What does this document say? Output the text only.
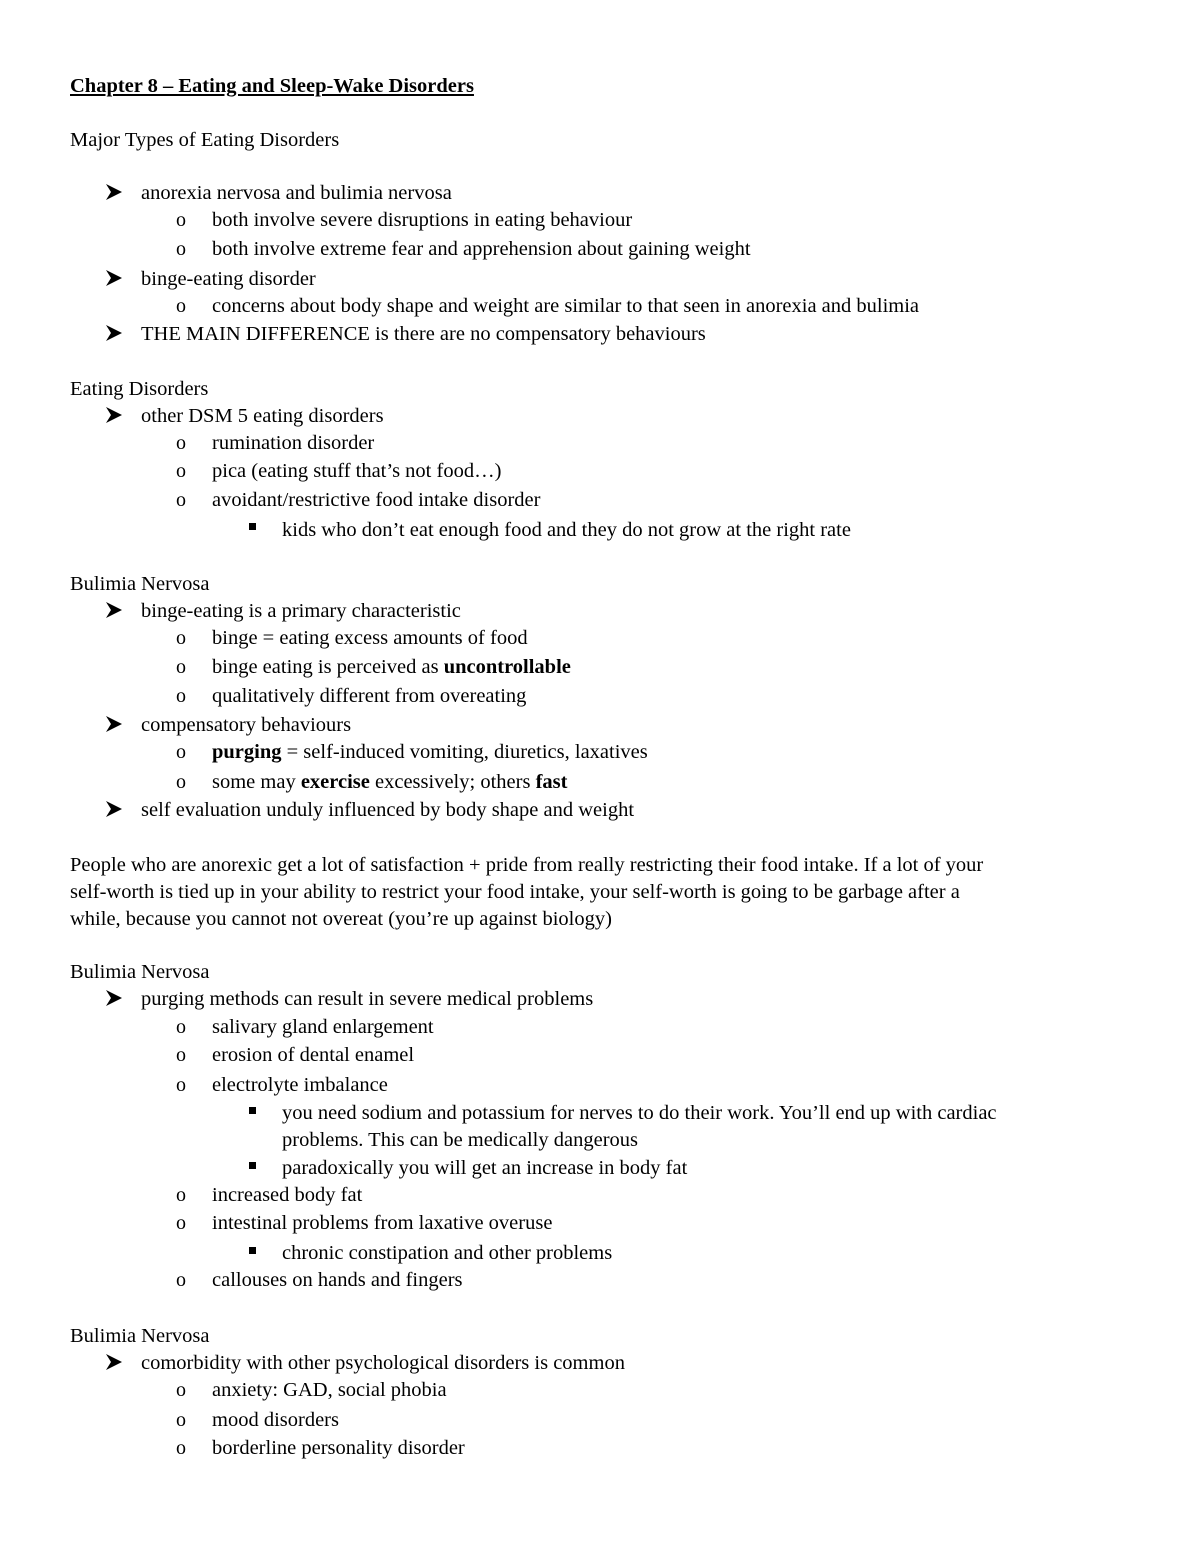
Chapter 8 – Eating and Sleep-Wake Disorders
Major Types of Eating Disorders
anorexia nervosa and bulimia nervosa
o both involve severe disruptions in eating behaviour
o both involve extreme fear and apprehension about gaining weight
binge-eating disorder
o concerns about body shape and weight are similar to that seen in anorexia and bulimia
THE MAIN DIFFERENCE is there are no compensatory behaviours
Eating Disorders
other DSM 5 eating disorders
o rumination disorder
o pica (eating stuff that’s not food…)
o avoidant/restrictive food intake disorder
kids who don’t eat enough food and they do not grow at the right rate
Bulimia Nervosa
binge-eating is a primary characteristic
o binge = eating excess amounts of food
o binge eating is perceived as uncontrollable
o qualitatively different from overeating
compensatory behaviours
o purging = self-induced vomiting, diuretics, laxatives
o some may exercise excessively; others fast
self evaluation unduly influenced by body shape and weight
People who are anorexic get a lot of satisfaction + pride from really restricting their food intake. If a lot of your
self-worth is tied up in your ability to restrict your food intake, your self-worth is going to be garbage after a
while, because you cannot not overeat (you’re up against biology)
Bulimia Nervosa
purging methods can result in severe medical problems
o salivary gland enlargement
o erosion of dental enamel
o electrolyte imbalance
you need sodium and potassium for nerves to do their work. You’ll end up with cardiac
problems. This can be medically dangerous
paradoxically you will get an increase in body fat
o increased body fat
o intestinal problems from laxative overuse
chronic constipation and other problems
o callouses on hands and fingers
Bulimia Nervosa
comorbidity with other psychological disorders is common
o anxiety: GAD, social phobia
o mood disorders
o borderline personality disorder
